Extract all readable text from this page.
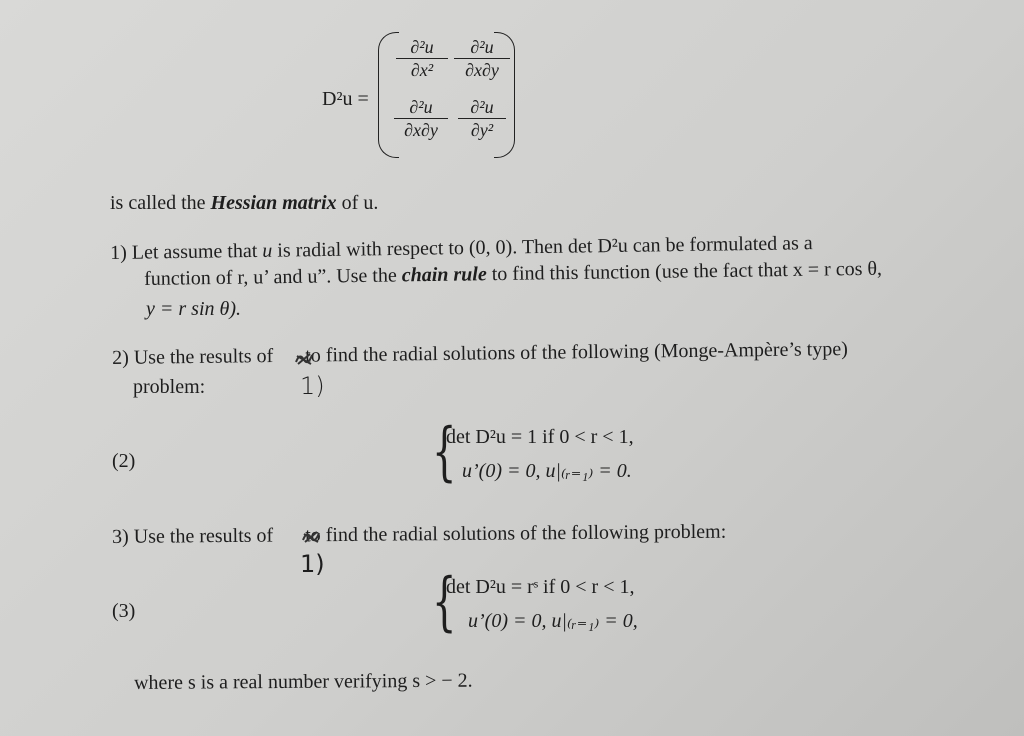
D²u =
$\frac{\text{∂²u}}{\text{∂x²}} \frac{\text{∂²u}}{\partial x\partial y}$
$\frac{\text{∂²u}}{\partial x\partial y} \frac{\text{∂²u}}{\text{∂y²}}$
is called the Hessian matrix of u.
1) Let assume that u is radial with respect to (0, 0). Then det D²u can be formulated as a
function of r, u’ and u”. Use the chain rule to find this function (use the fact that x = r cos θ,
y = r sin θ).
2) Use the results of  to find the radial solutions of the following (Monge-Ampère’s type)
problem:	1)
(2)	{
det D²u = 1 if 0 < r < 1,
u’(0) = 0, u|₍ᵣ₌₁₎ = 0.
3) Use the results of  to find the radial solutions of the following problem:
1)
(3)	{
det D²u = rˢ if 0 < r < 1,
u’(0) = 0, u|₍ᵣ₌₁₎ = 0,
where s is a real number verifying s > − 2.
